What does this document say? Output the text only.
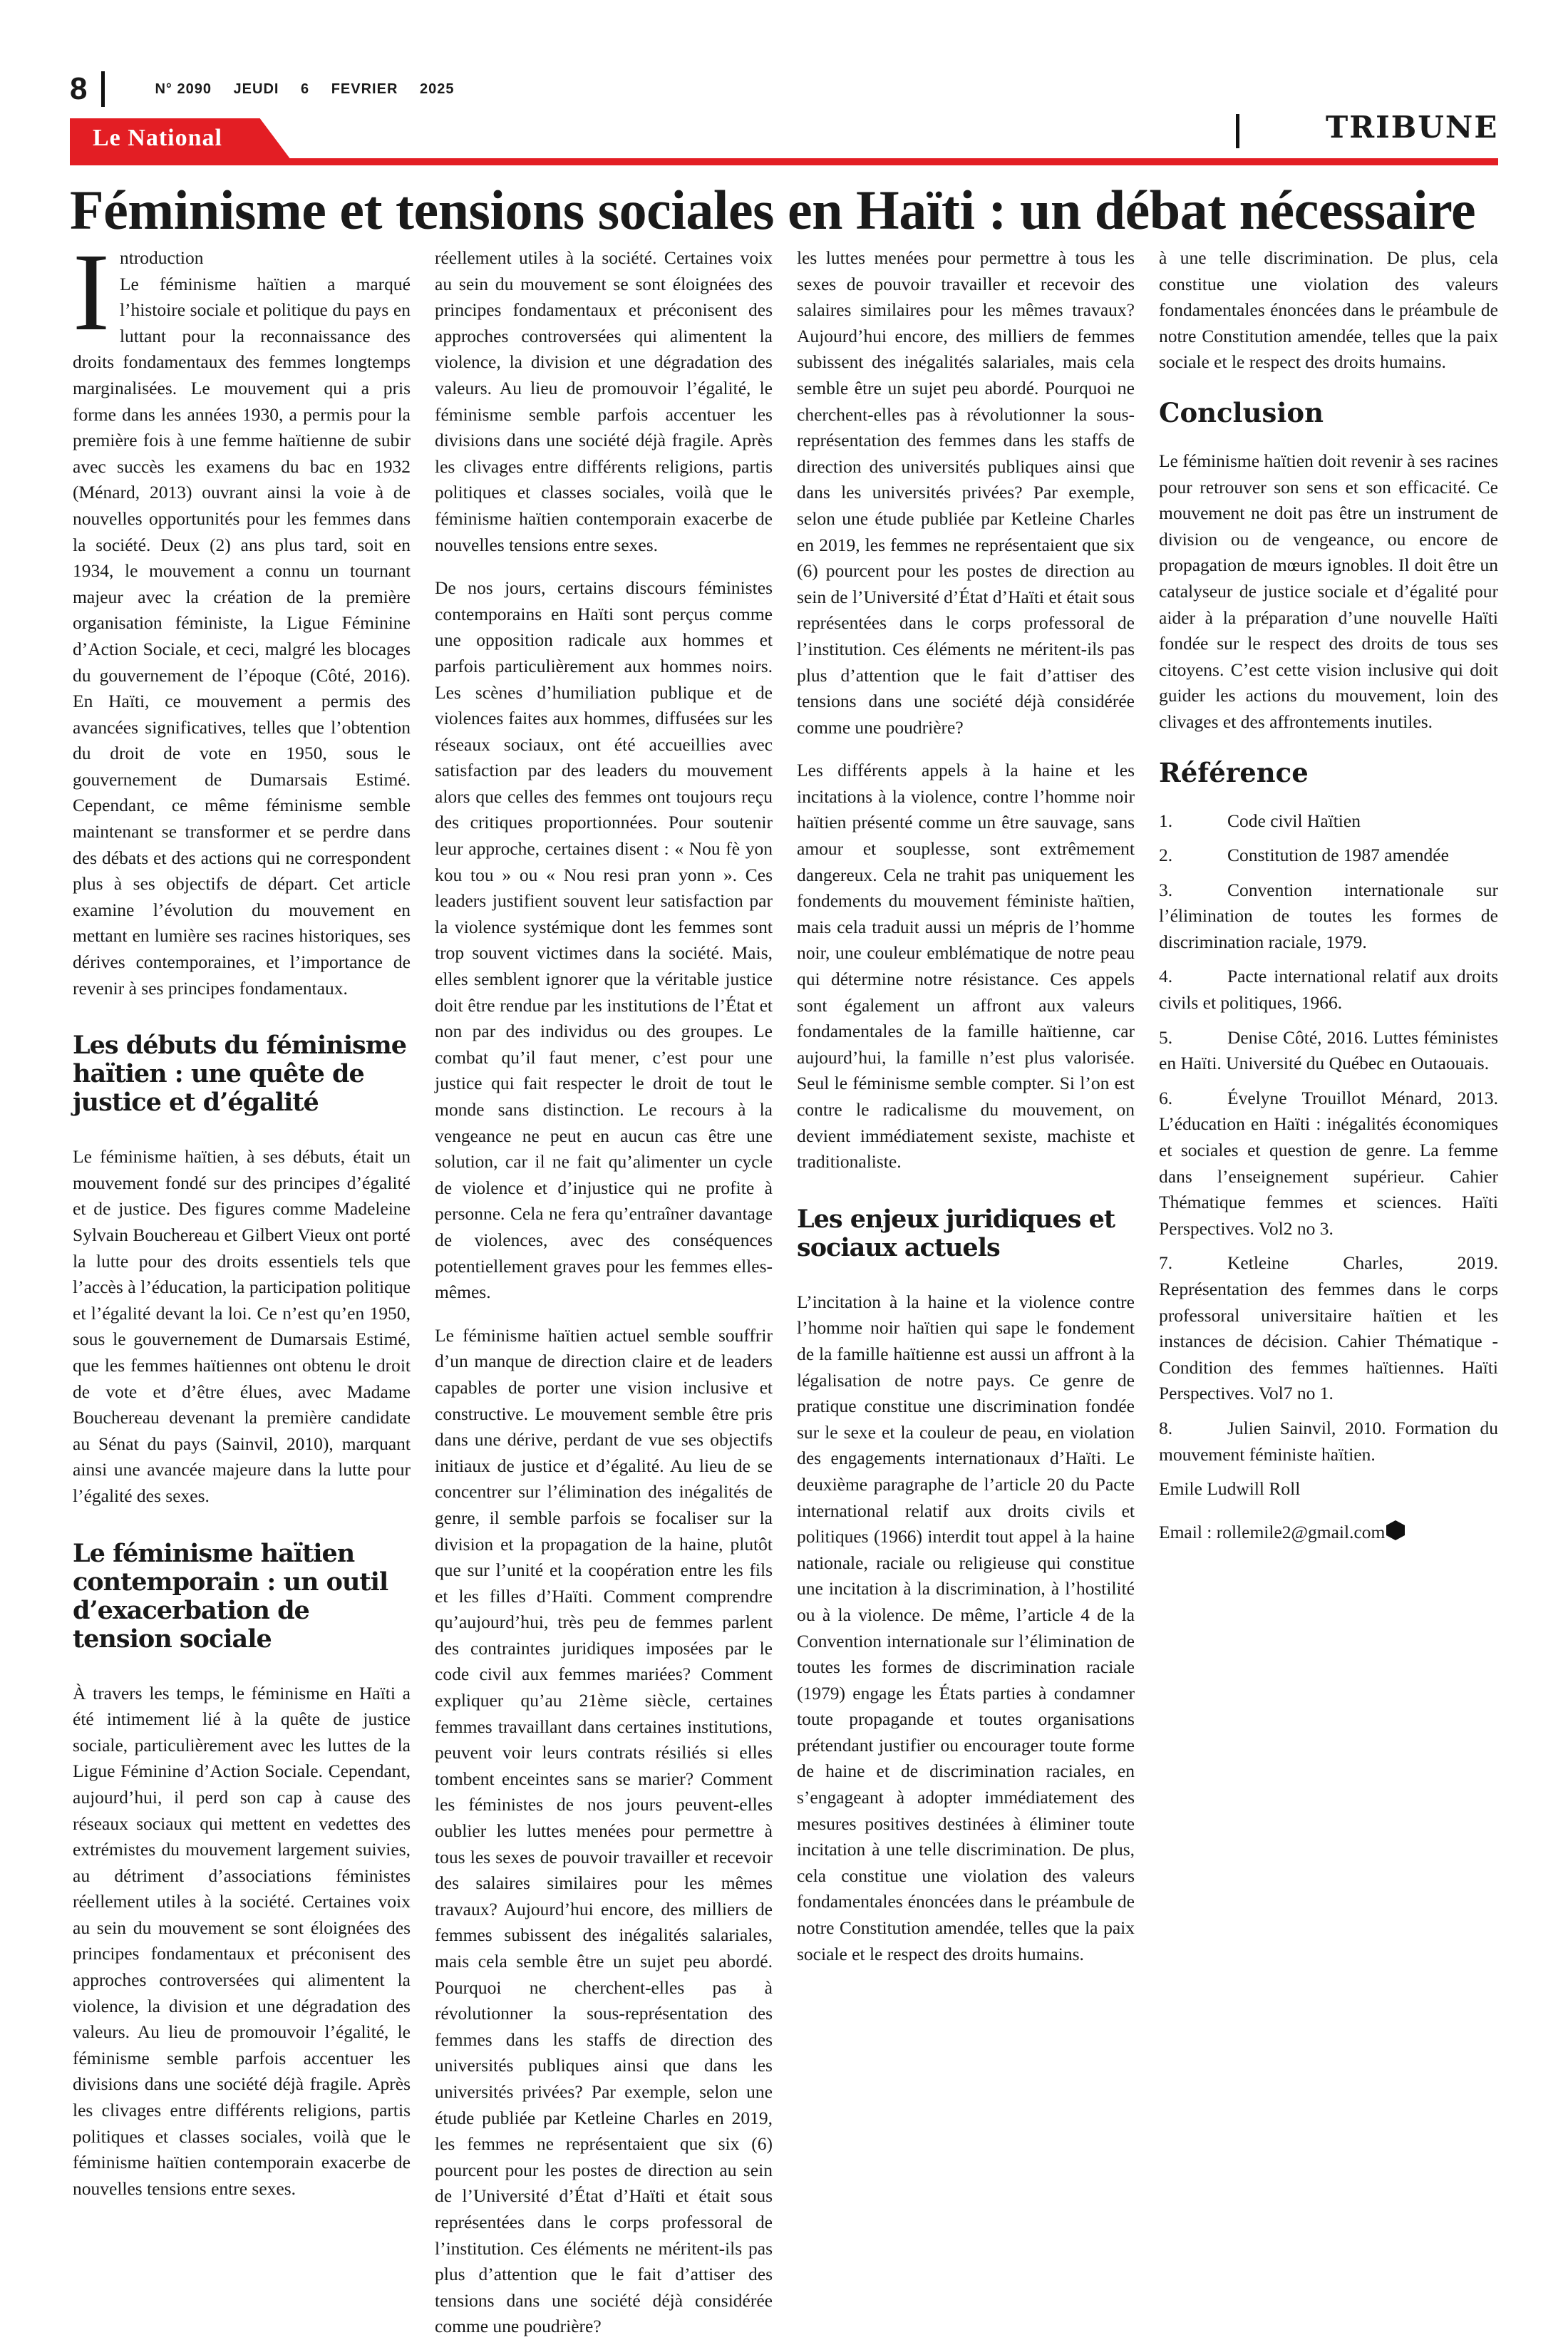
8	N° 2090 JEUDI 6 FEVRIER 2025
Le National	TRIBUNE
Féminisme et tensions sociales en Haïti : un débat nécessaire
I ntroduction

Le féminisme haïtien a marqué l’histoire sociale et politique du pays en luttant pour la reconnaissance des droits fondamentaux des femmes longtemps marginalisées. Le mouvement qui a pris forme dans les années 1930, a permis pour la première fois à une femme haïtienne de subir avec succès les examens du bac en 1932 (Ménard, 2013) ouvrant ainsi la voie à de nouvelles opportunités pour les femmes dans la société. Deux (2) ans plus tard, soit en 1934, le mouvement a connu un tournant majeur avec la création de la première organisation féministe, la Ligue Féminine d’Action Sociale, et ceci, malgré les blocages du gouvernement de l’époque (Côté, 2016). En Haïti, ce mouvement a permis des avancées significatives, telles que l’obtention du droit de vote en 1950, sous le gouvernement de Dumarsais Estimé. Cependant, ce même féminisme semble maintenant se transformer et se perdre dans des débats et des actions qui ne correspondent plus à ses objectifs de départ. Cet article examine l’évolution du mouvement en mettant en lumière ses racines historiques, ses dérives contemporaines, et l’importance de revenir à ses principes fondamentaux.

Les débuts du féminisme haïtien : une quête de justice et d’égalité

Le féminisme haïtien, à ses débuts, était un mouvement fondé sur des principes d’égalité et de justice. Des figures comme Madeleine Sylvain Bouchereau et Gilbert Vieux ont porté la lutte pour des droits essentiels tels que l’accès à l’éducation, la participation politique et l’égalité devant la loi. Ce n’est qu’en 1950, sous le gouvernement de Dumarsais Estimé, que les femmes haïtiennes ont obtenu le droit de vote et d’être élues, avec Madame Bouchereau devenant la première candidate au Sénat du pays (Sainvil, 2010), marquant ainsi une avancée majeure dans la lutte pour l’égalité des sexes.

Le féminisme haïtien contemporain : un outil d’exacerbation de tension sociale

À travers les temps, le féminisme en Haïti a été intimement lié à la quête de justice sociale, particulièrement avec les luttes de la Ligue Féminine d’Action Sociale. Cependant, aujourd’hui, il perd son cap à cause des réseaux sociaux qui mettent en vedettes des extrémistes du mouvement largement suivies, au détriment d’associations féministes réellement utiles à la société. Certaines voix au sein du mouvement se sont éloignées des principes fondamentaux et préconisent des approches controversées qui alimentent la violence, la division et une dégradation des valeurs. Au lieu de promouvoir l’égalité, le féminisme semble parfois accentuer les divisions dans une société déjà fragile. Après les clivages entre différents religions, partis politiques et classes sociales, voilà que le féminisme haïtien contemporain exacerbe de nouvelles tensions entre sexes.

réellement utiles à la société. Certaines voix au sein du mouvement se sont éloignées des principes fondamentaux et préconisent des approches controversées qui alimentent la violence, la division et une dégradation des valeurs. Au lieu de promouvoir l’égalité, le féminisme semble parfois accentuer les divisions dans une société déjà fragile. Après les clivages entre différents religions, partis politiques et classes sociales, voilà que le féminisme haïtien contemporain exacerbe de nouvelles tensions entre sexes.

De nos jours, certains discours féministes contemporains en Haïti sont perçus comme une opposition radicale aux hommes et parfois particulièrement aux hommes noirs. Les scènes d’humiliation publique et de violences faites aux hommes, diffusées sur les réseaux sociaux, ont été accueillies avec satisfaction par des leaders du mouvement alors que celles des femmes ont toujours reçu des critiques proportionnées. Pour soutenir leur approche, certaines disent : « Nou fè yon kou tou » ou « Nou resi pran yonn ». Ces leaders justifient souvent leur satisfaction par la violence systémique dont les femmes sont trop souvent victimes dans la société. Mais, elles semblent ignorer que la véritable justice doit être rendue par les institutions de l’État et non par des individus ou des groupes. Le combat qu’il faut mener, c’est pour une justice qui fait respecter le droit de tout le monde sans distinction. Le recours à la vengeance ne peut en aucun cas être une solution, car il ne fait qu’alimenter un cycle de violence et d’injustice qui ne profite à personne. Cela ne fera qu’entraîner davantage de violences, avec des conséquences potentiellement graves pour les femmes elles-mêmes.

Le féminisme haïtien actuel semble souffrir d’un manque de direction claire et de leaders capables de porter une vision inclusive et constructive. Le mouvement semble être pris dans une dérive, perdant de vue ses objectifs initiaux de justice et d’égalité. Au lieu de se concentrer sur l’élimination des inégalités de genre, il semble parfois se focaliser sur la division et la propagation de la haine, plutôt que sur l’unité et la coopération entre les fils et les filles d’Haïti. Comment comprendre qu’aujourd’hui, très peu de femmes parlent des contraintes juridiques imposées par le code civil aux femmes mariées? Comment expliquer qu’au 21ème siècle, certaines femmes travaillant dans certaines institutions, peuvent voir leurs contrats résiliés si elles tombent enceintes sans se marier? Comment les féministes de nos jours peuvent-elles oublier les luttes menées pour permettre à tous les sexes de pouvoir travailler et recevoir des salaires similaires pour les mêmes travaux? Aujourd’hui encore, des milliers de femmes subissent des inégalités salariales, mais cela semble être un sujet peu abordé. Pourquoi ne cherchent-elles pas à révolutionner la sous-représentation des femmes dans les staffs de direction des universités publiques ainsi que dans les universités privées? Par exemple, selon une étude publiée par Ketleine Charles en 2019, les femmes ne représentaient que six (6) pourcent pour les postes de direction au sein de l’Université d’État d’Haïti et était sous représentées dans le corps professoral de l’institution. Ces éléments ne méritent-ils pas plus d’attention que le fait d’attiser des tensions dans une société déjà considérée comme une poudrière?

les luttes menées pour permettre à tous les sexes de pouvoir travailler et recevoir des salaires similaires pour les mêmes travaux? Aujourd’hui encore, des milliers de femmes subissent des inégalités salariales, mais cela semble être un sujet peu abordé. Pourquoi ne cherchent-elles pas à révolutionner la sous-représentation des femmes dans les staffs de direction des universités publiques ainsi que dans les universités privées? Par exemple, selon une étude publiée par Ketleine Charles en 2019, les femmes ne représentaient que six (6) pourcent pour les postes de direction au sein de l’Université d’État d’Haïti et était sous représentées dans le corps professoral de l’institution. Ces éléments ne méritent-ils pas plus d’attention que le fait d’attiser des tensions dans une société déjà considérée comme une poudrière?

Les différents appels à la haine et les incitations à la violence, contre l’homme noir haïtien présenté comme un être sauvage, sans amour et souplesse, sont extrêmement dangereux. Cela ne trahit pas uniquement les fondements du mouvement féministe haïtien, mais cela traduit aussi un mépris de l’homme noir, une couleur emblématique de notre peau qui détermine notre résistance. Ces appels sont également un affront aux valeurs fondamentales de la famille haïtienne, car aujourd’hui, la famille n’est plus valorisée. Seul le féminisme semble compter. Si l’on est contre le radicalisme du mouvement, on devient immédiatement sexiste, machiste et traditionaliste.

Les enjeux juridiques et sociaux actuels

L’incitation à la haine et la violence contre l’homme noir haïtien qui sape le fondement de la famille haïtienne est aussi un affront à la légalisation de notre pays. Ce genre de pratique constitue une discrimination fondée sur le sexe et la couleur de peau, en violation des engagements internationaux d’Haïti. Le deuxième paragraphe de l’article 20 du Pacte international relatif aux droits civils et politiques (1966) interdit tout appel à la haine nationale, raciale ou religieuse qui constitue une incitation à la discrimination, à l’hostilité ou à la violence. De même, l’article 4 de la Convention internationale sur l’élimination de toutes les formes de discrimination raciale (1979) engage les États parties à condamner toute propagande et toutes organisations prétendant justifier ou encourager toute forme de haine et de discrimination raciales, en s’engageant à adopter immédiatement des mesures positives destinées à éliminer toute incitation à une telle discrimination. De plus, cela constitue une violation des valeurs fondamentales énoncées dans le préambule de notre Constitution amendée, telles que la paix sociale et le respect des droits humains.

à une telle discrimination. De plus, cela constitue une violation des valeurs fondamentales énoncées dans le préambule de notre Constitution amendée, telles que la paix sociale et le respect des droits humains.

Conclusion

Le féminisme haïtien doit revenir à ses racines pour retrouver son sens et son efficacité. Ce mouvement ne doit pas être un instrument de division ou de vengeance, ou encore de propagation de mœurs ignobles. Il doit être un catalyseur de justice sociale et d’égalité pour aider à la préparation d’une nouvelle Haïti fondée sur le respect des droits de tous ses citoyens. C’est cette vision inclusive qui doit guider les actions du mouvement, loin des clivages et des affrontements inutiles.

Référence

1.	Code civil Haïtien

2.	Constitution de 1987 amendée

3.	Convention internationale sur l’élimination de toutes les formes de discrimination raciale, 1979.

4.	Pacte international relatif aux droits civils et politiques, 1966.

5.	Denise Côté, 2016. Luttes féministes en Haïti. Université du Québec en Outaouais.

6.	Évelyne Trouillot Ménard, 2013. L’éducation en Haïti : inégalités économiques et sociales et question de genre. La femme dans l’enseignement supérieur. Cahier Thématique femmes et sciences. Haïti Perspectives. Vol2 no 3.

7.	Ketleine Charles, 2019. Représentation des femmes dans le corps professoral universitaire haïtien et les instances de décision. Cahier Thématique - Condition des femmes haïtiennes. Haïti Perspectives. Vol7 no 1.

8.	Julien Sainvil, 2010. Formation du mouvement féministe haïtien.

Emile Ludwill Roll

Email : rollemile2@gmail.com
